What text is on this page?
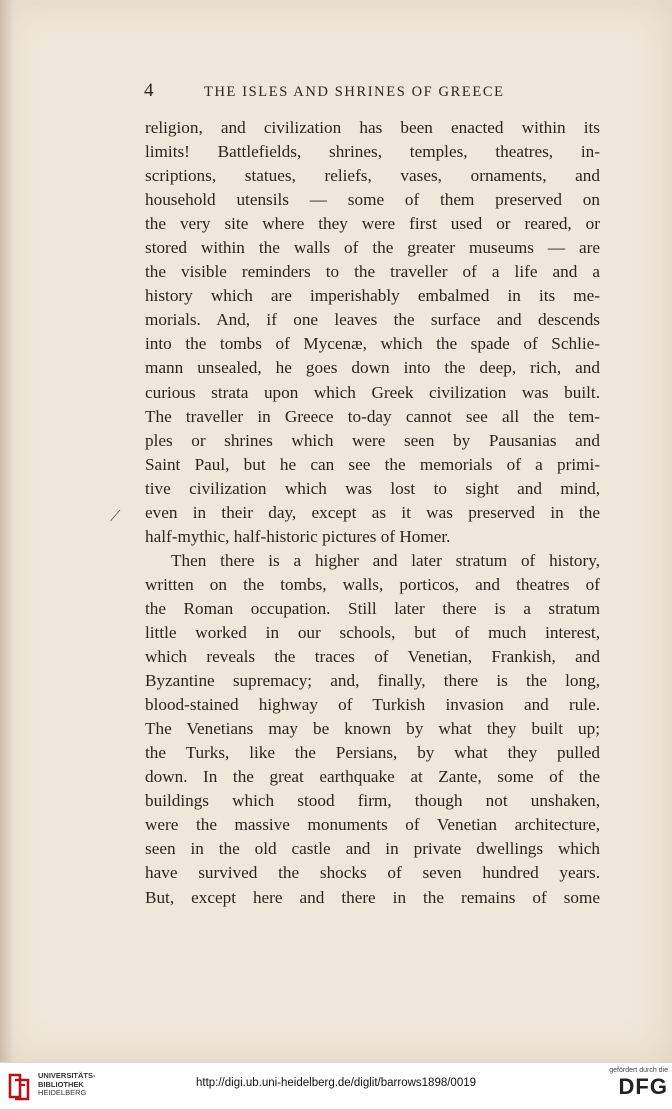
4	THE ISLES AND SHRINES OF GREECE
⟋
religion, and civilization has been enacted within its
limits! Battlefields, shrines, temples, theatres, in-
scriptions, statues, reliefs, vases, ornaments, and
household utensils — some of them preserved on
the very site where they were first used or reared, or
stored within the walls of the greater museums — are
the visible reminders to the traveller of a life and a
history which are imperishably embalmed in its me-
morials. And, if one leaves the surface and descends
into the tombs of Mycenæ, which the spade of Schlie-
mann unsealed, he goes down into the deep, rich, and
curious strata upon which Greek civilization was built.
The traveller in Greece to-day cannot see all the tem-
ples or shrines which were seen by Pausanias and
Saint Paul, but he can see the memorials of a primi-
tive civilization which was lost to sight and mind,
even in their day, except as it was preserved in the
half-mythic, half-historic pictures of Homer.
Then there is a higher and later stratum of history,
written on the tombs, walls, porticos, and theatres of
the Roman occupation. Still later there is a stratum
little worked in our schools, but of much interest,
which reveals the traces of Venetian, Frankish, and
Byzantine supremacy; and, finally, there is the long,
blood-stained highway of Turkish invasion and rule.
The Venetians may be known by what they built up;
the Turks, like the Persians, by what they pulled
down. In the great earthquake at Zante, some of the
buildings which stood firm, though not unshaken,
were the massive monuments of Venetian architecture,
seen in the old castle and in private dwellings which
have survived the shocks of seven hundred years.
But, except here and there in the remains of some
UNIVERSITÄTS-
BIBLIOTHEK
HEIDELBERG
http://digi.ub.uni-heidelberg.de/diglit/barrows1898/0019
gefördert durch die
DFG
